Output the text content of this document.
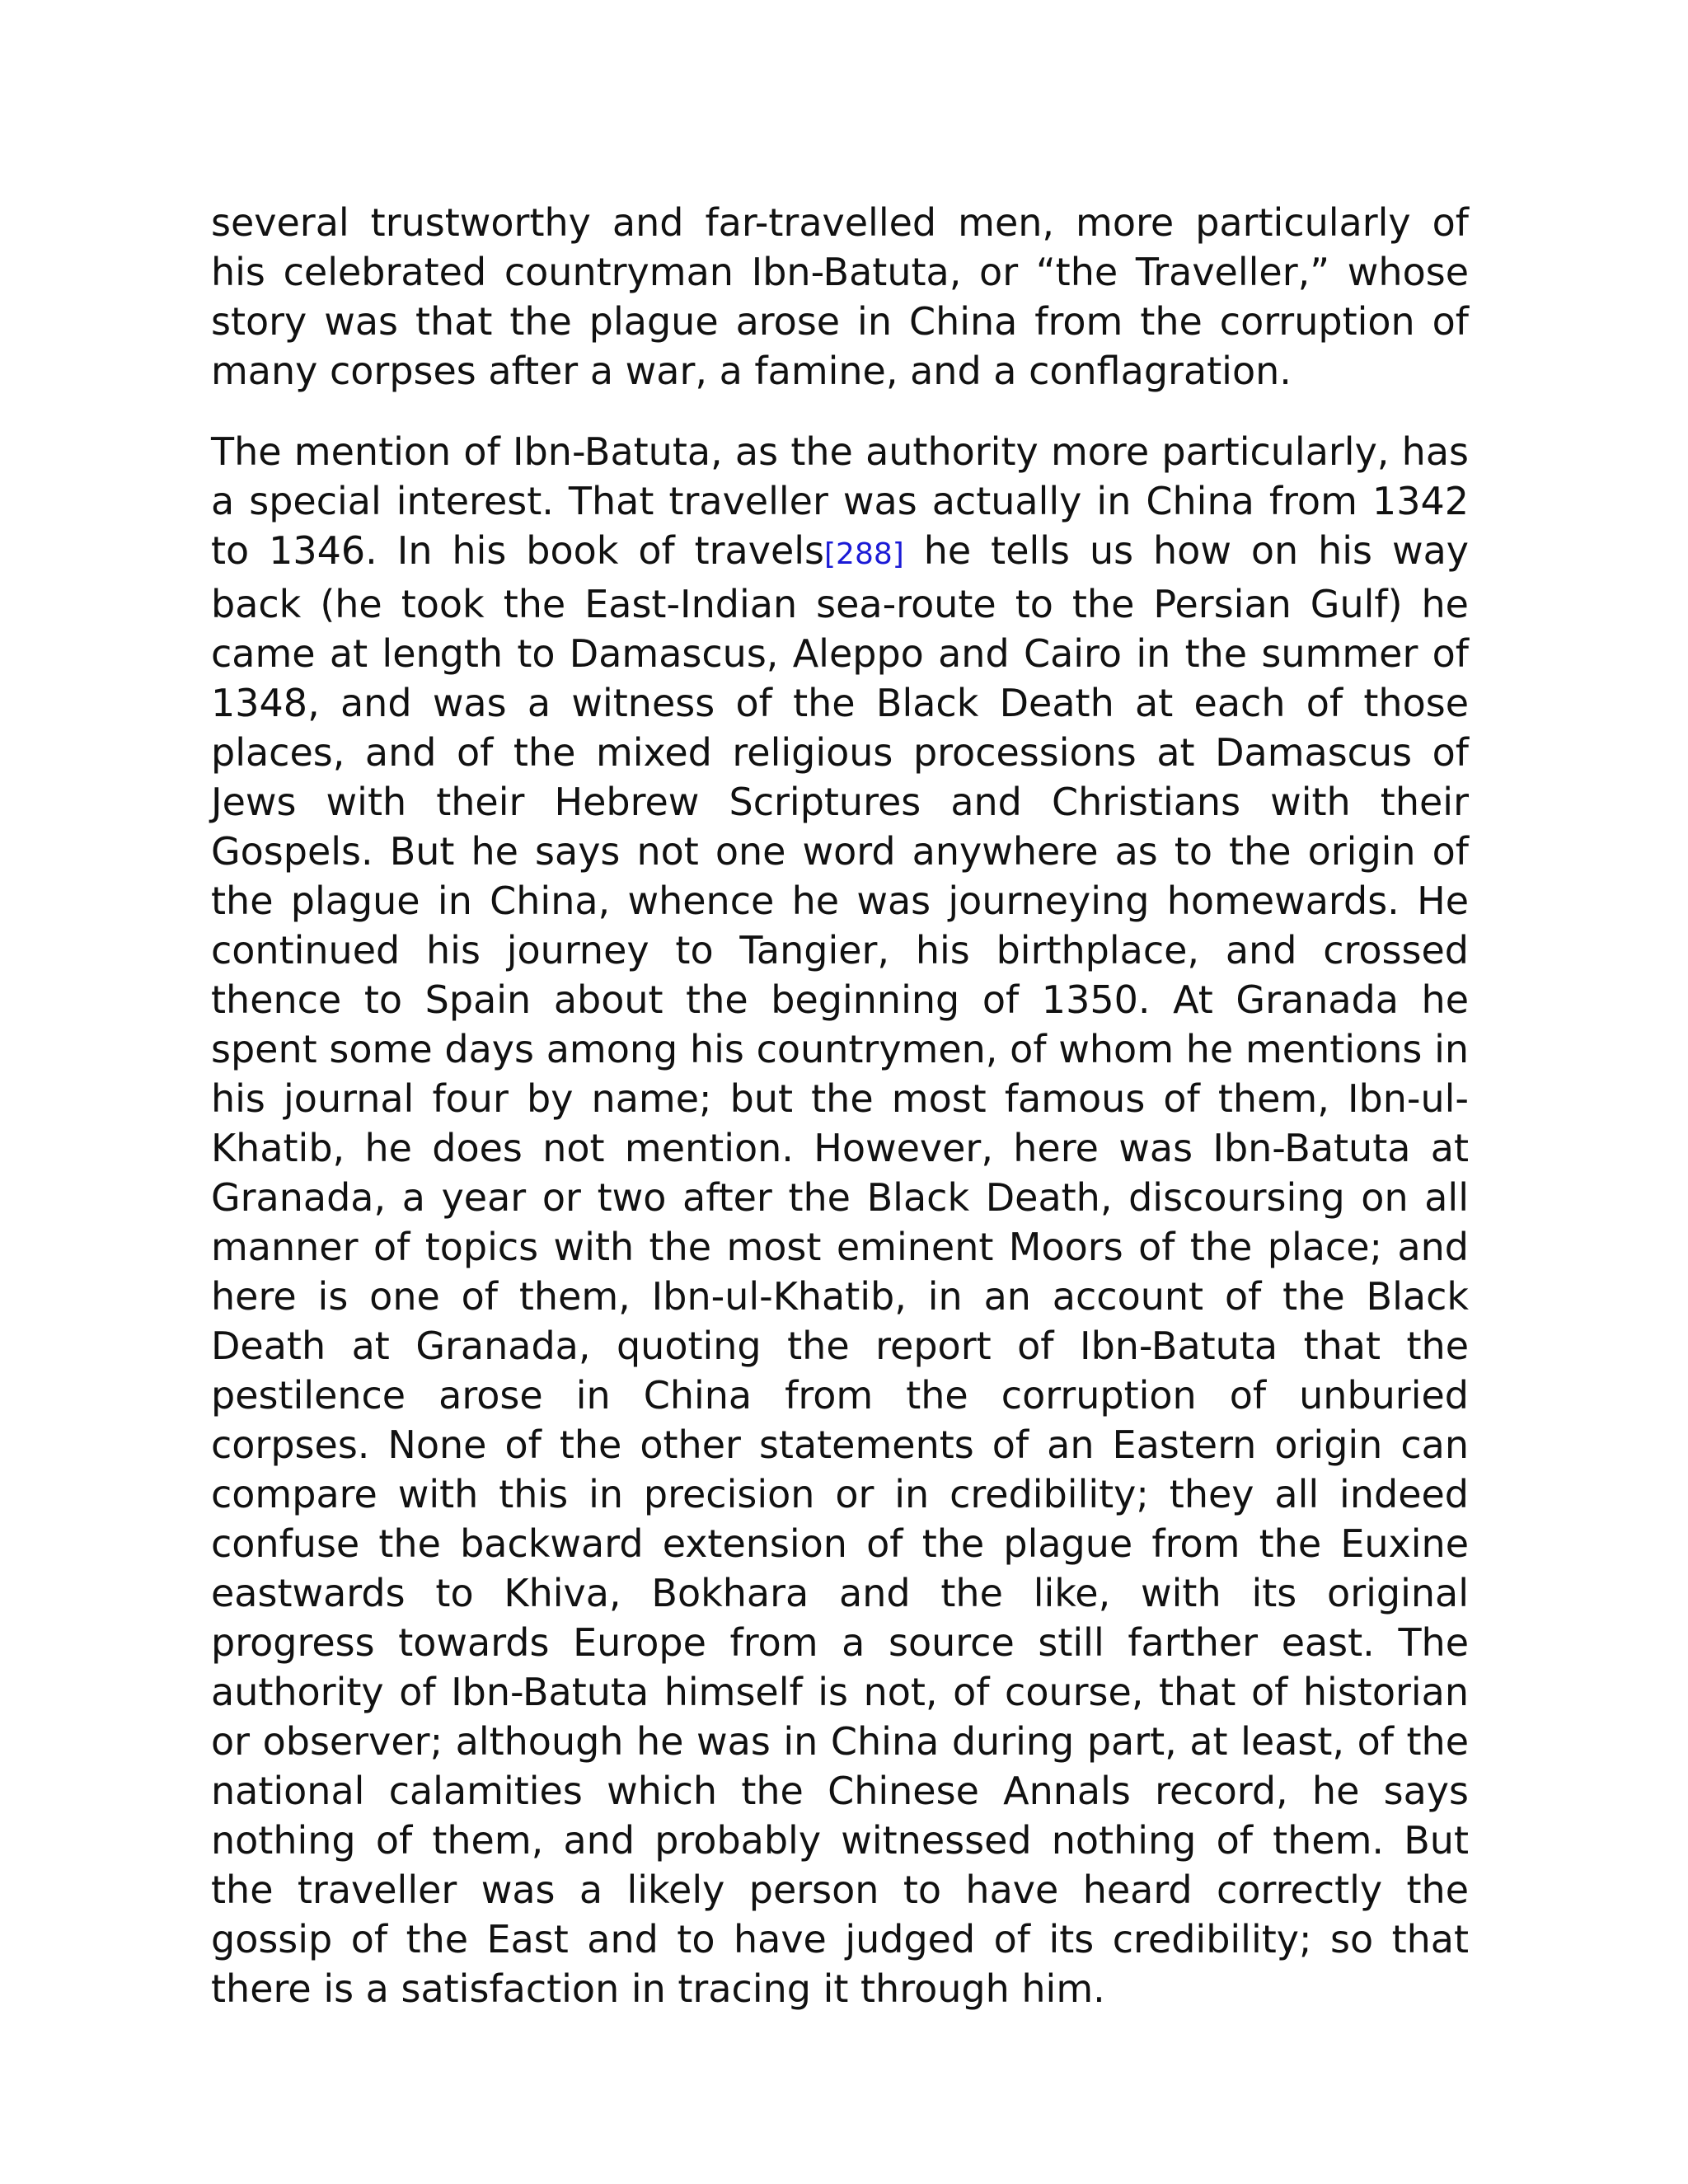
several trustworthy and far-travelled men, more particularly of his celebrated countryman Ibn-Batuta, or “the Traveller,” whose story was that the plague arose in China from the corruption of many corpses after a war, a famine, and a conflagration.

The mention of Ibn-Batuta, as the authority more particularly, has a special interest. That traveller was actually in China from 1342 to 1346. In his book of travels[288] he tells us how on his way back (he took the East-Indian sea-route to the Persian Gulf) he came at length to Damascus, Aleppo and Cairo in the summer of 1348, and was a witness of the Black Death at each of those places, and of the mixed religious processions at Damascus of Jews with their Hebrew Scriptures and Christians with their Gospels. But he says not one word anywhere as to the origin of the plague in China, whence he was journeying homewards. He continued his journey to Tangier, his birthplace, and crossed thence to Spain about the beginning of 1350. At Granada he spent some days among his countrymen, of whom he mentions in his journal four by name; but the most famous of them, Ibn-ul-Khatib, he does not mention. However, here was Ibn-Batuta at Granada, a year or two after the Black Death, discoursing on all manner of topics with the most eminent Moors of the place; and here is one of them, Ibn-ul-Khatib, in an account of the Black Death at Granada, quoting the report of Ibn-Batuta that the pestilence arose in China from the corruption of unburied corpses. None of the other statements of an Eastern origin can compare with this in precision or in credibility; they all indeed confuse the backward extension of the plague from the Euxine eastwards to Khiva, Bokhara and the like, with its original progress towards Europe from a source still farther east. The authority of Ibn-Batuta himself is not, of course, that of historian or observer; although he was in China during part, at least, of the national calamities which the Chinese Annals record, he says nothing of them, and probably witnessed nothing of them. But the traveller was a likely person to have heard correctly the gossip of the East and to have judged of its credibility; so that there is a satisfaction in tracing it through him.
